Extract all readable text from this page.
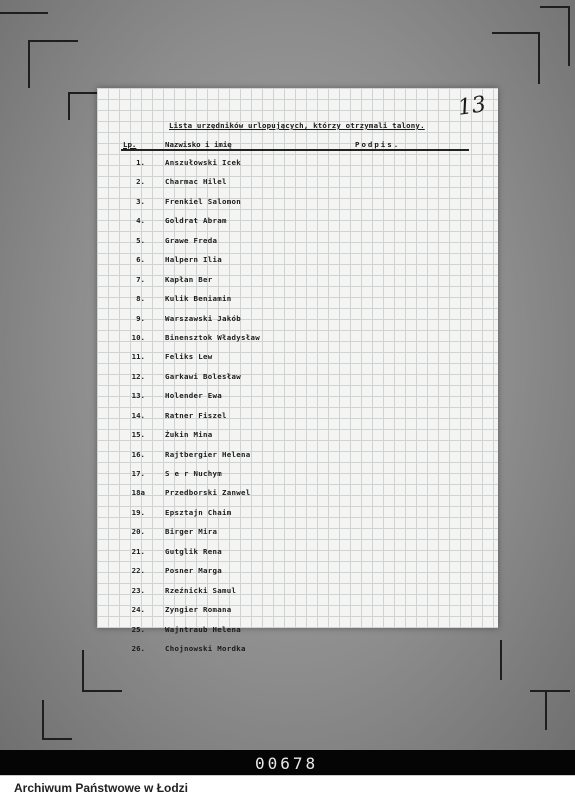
13
Lista urzędników urlopujących, którzy otrzymali talony.
Lp.	Nazwisko i imię	Podpis.
1.	Anszułowski Icek
2.	Charmac Hilel
3.	Frenkiel Salomon
4.	Goldrat Abram
5.	Grawe Freda
6.	Halpern Ilia
7.	Kapłan Ber
8.	Kulik Beniamin
9.	Warszawski Jakób
10.	Binensztok Władysław
11.	Feliks Lew
12.	Garkawi Bolesław
13.	Holender Ewa
14.	Ratner Fiszel
15.	Żukin Mina
16.	Rajtbergier Helena
17.	S e r Nuchym
18a	Przedborski Zanwel
19.	Epsztajn Chaim
20.	Birger Mira
21.	Gutglik Rena
22.	Posner Marga
23.	Rzeźnicki Samul
24.	Zyngier Romana
25.	Wajntraub Helena
26.	Chojnowski Mordka
00678
Archiwum Państwowe w Łodzi
